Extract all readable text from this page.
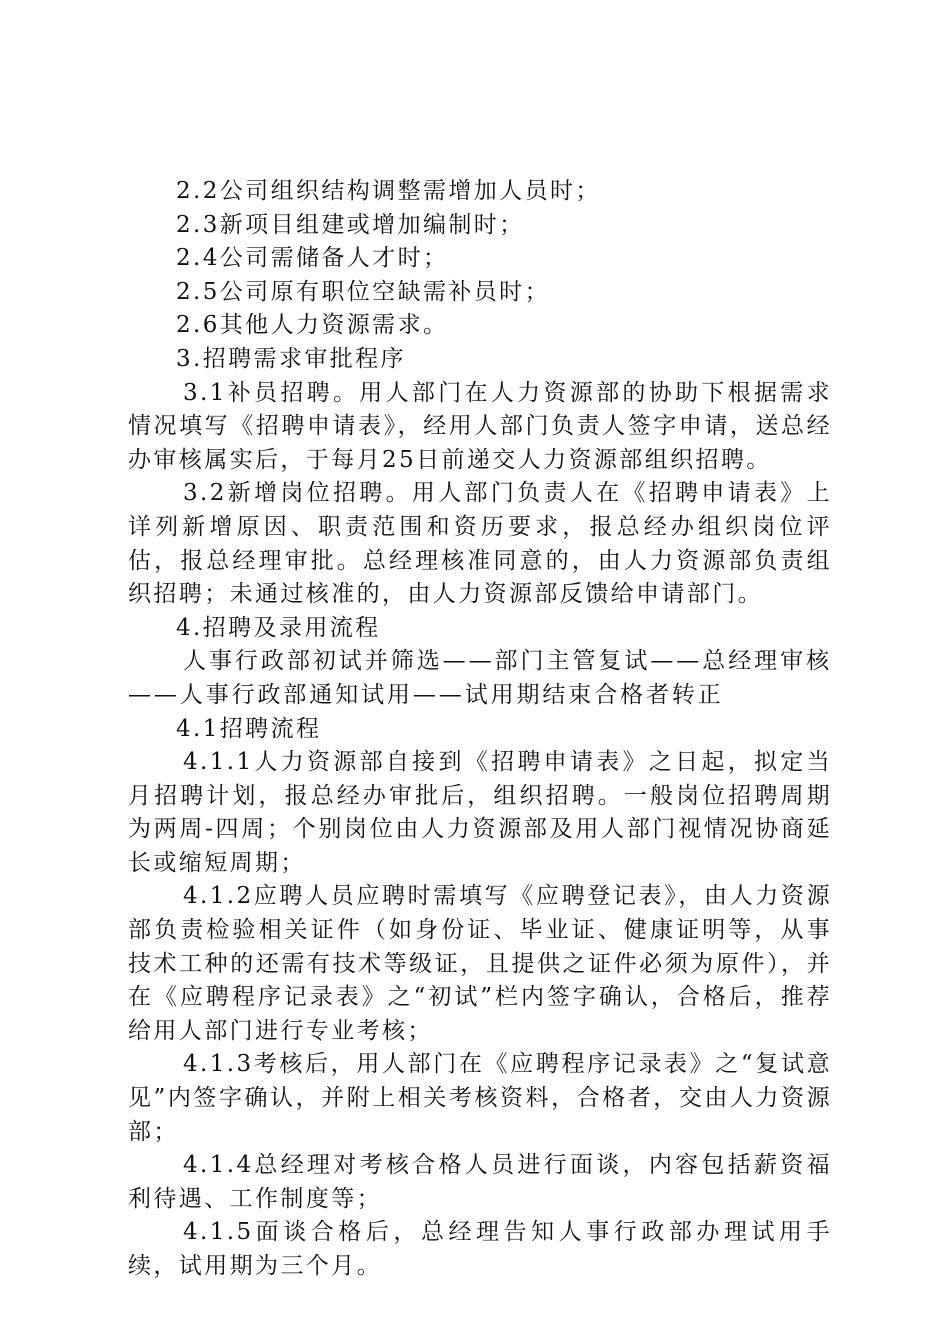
2.2公司组织结构调整需增加人员时；
2.3新项目组建或增加编制时；
2.4公司需储备人才时；
2.5公司原有职位空缺需补员时；
2.6其他人力资源需求。
3.招聘需求审批程序
3.1补员招聘。用人部门在人力资源部的协助下根据需求情况填写《招聘申请表》，经用人部门负责人签字申请，送总经办审核属实后，于每月25日前递交人力资源部组织招聘。
3.2新增岗位招聘。用人部门负责人在《招聘申请表》上详列新增原因、职责范围和资历要求，报总经办组织岗位评估，报总经理审批。总经理核准同意的，由人力资源部负责组织招聘；未通过核准的，由人力资源部反馈给申请部门。
4.招聘及录用流程
人事行政部初试并筛选——部门主管复试——总经理审核——人事行政部通知试用——试用期结束合格者转正
4.1招聘流程
4.1.1人力资源部自接到《招聘申请表》之日起，拟定当月招聘计划，报总经办审批后，组织招聘。一般岗位招聘周期为两周-四周；个别岗位由人力资源部及用人部门视情况协商延长或缩短周期；
4.1.2应聘人员应聘时需填写《应聘登记表》，由人力资源部负责检验相关证件（如身份证、毕业证、健康证明等，从事技术工种的还需有技术等级证，且提供之证件必须为原件），并在《应聘程序记录表》之“初试”栏内签字确认，合格后，推荐给用人部门进行专业考核；
4.1.3考核后，用人部门在《应聘程序记录表》之“复试意见”内签字确认，并附上相关考核资料，合格者，交由人力资源部；
4.1.4总经理对考核合格人员进行面谈，内容包括薪资福利待遇、工作制度等；
4.1.5面谈合格后，总经理告知人事行政部办理试用手续，试用期为三个月。
